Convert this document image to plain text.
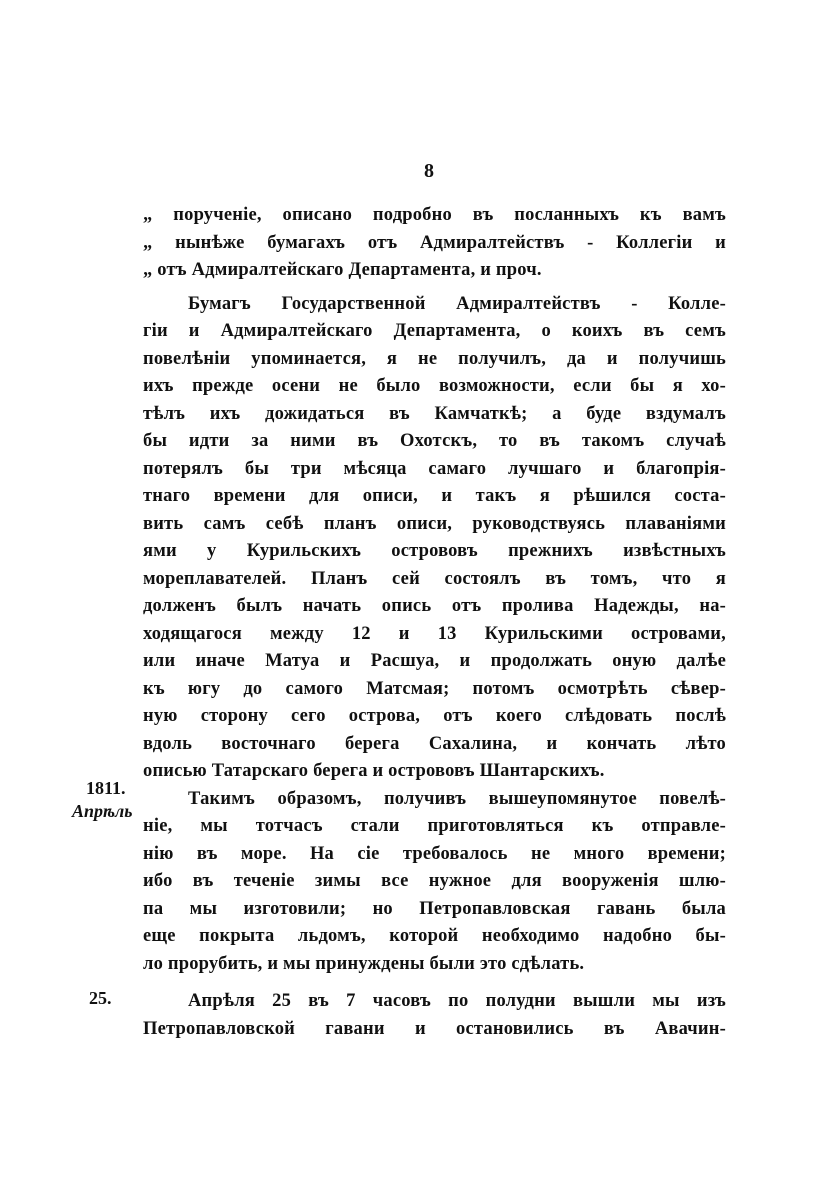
8
1811.
Апрѣль
25.
„ порученіе, описано подробно въ посланныхъ къ вамъ
„ нынѣже бумагахъ отъ Адмиралтействъ - Коллегіи и
„ отъ Адмиралтейскаго Департамента, и проч.
Бумагъ Государственной Адмиралтействъ - Колле-
гіи и Адмиралтейскаго Департамента, о коихъ въ семъ
повелѣніи упоминается, я не получилъ, да и получишь
ихъ прежде осени не было возможности, если бы я хо-
тѣлъ ихъ дожидаться въ Камчаткѣ; а буде вздумалъ
бы идти за ними въ Охотскъ, то въ такомъ случаѣ
потерялъ бы три мѣсяца самаго лучшаго и благопрія-
тнаго времени для описи, и такъ я рѣшился соста-
вить самъ себѣ планъ описи, руководствуясь плаваніями
ями у Курильскихъ острововъ прежнихъ извѣстныхъ
мореплавателей. Планъ сей состоялъ въ томъ, что я
долженъ былъ начать опись отъ пролива Надежды, на-
ходящагося между 12 и 13 Курильскими островами,
или иначе Матуа и Расшуа, и продолжать оную далѣе
къ югу до самого Матсмая; потомъ осмотрѣть сѣвер-
ную сторону сего острова, отъ коего слѣдовать послѣ
вдоль восточнаго берега Сахалина, и кончать лѣто
описью Татарскаго берега и острововъ Шантарскихъ.
Такимъ образомъ, получивъ вышеупомянутое повелѣ-
ніе, мы тотчасъ стали приготовляться къ отправле-
нію въ море. На сіе требовалось не много времени;
ибо въ теченіе зимы все нужное для вооруженія шлю-
па мы изготовили; но Петропавловская гавань была
еще покрыта льдомъ, которой необходимо надобно бы-
ло прорубить, и мы принуждены были это сдѣлать.
Апрѣля 25 въ 7 часовъ по полудни вышли мы изъ
Петропавловской гавани и остановились въ Авачин-
